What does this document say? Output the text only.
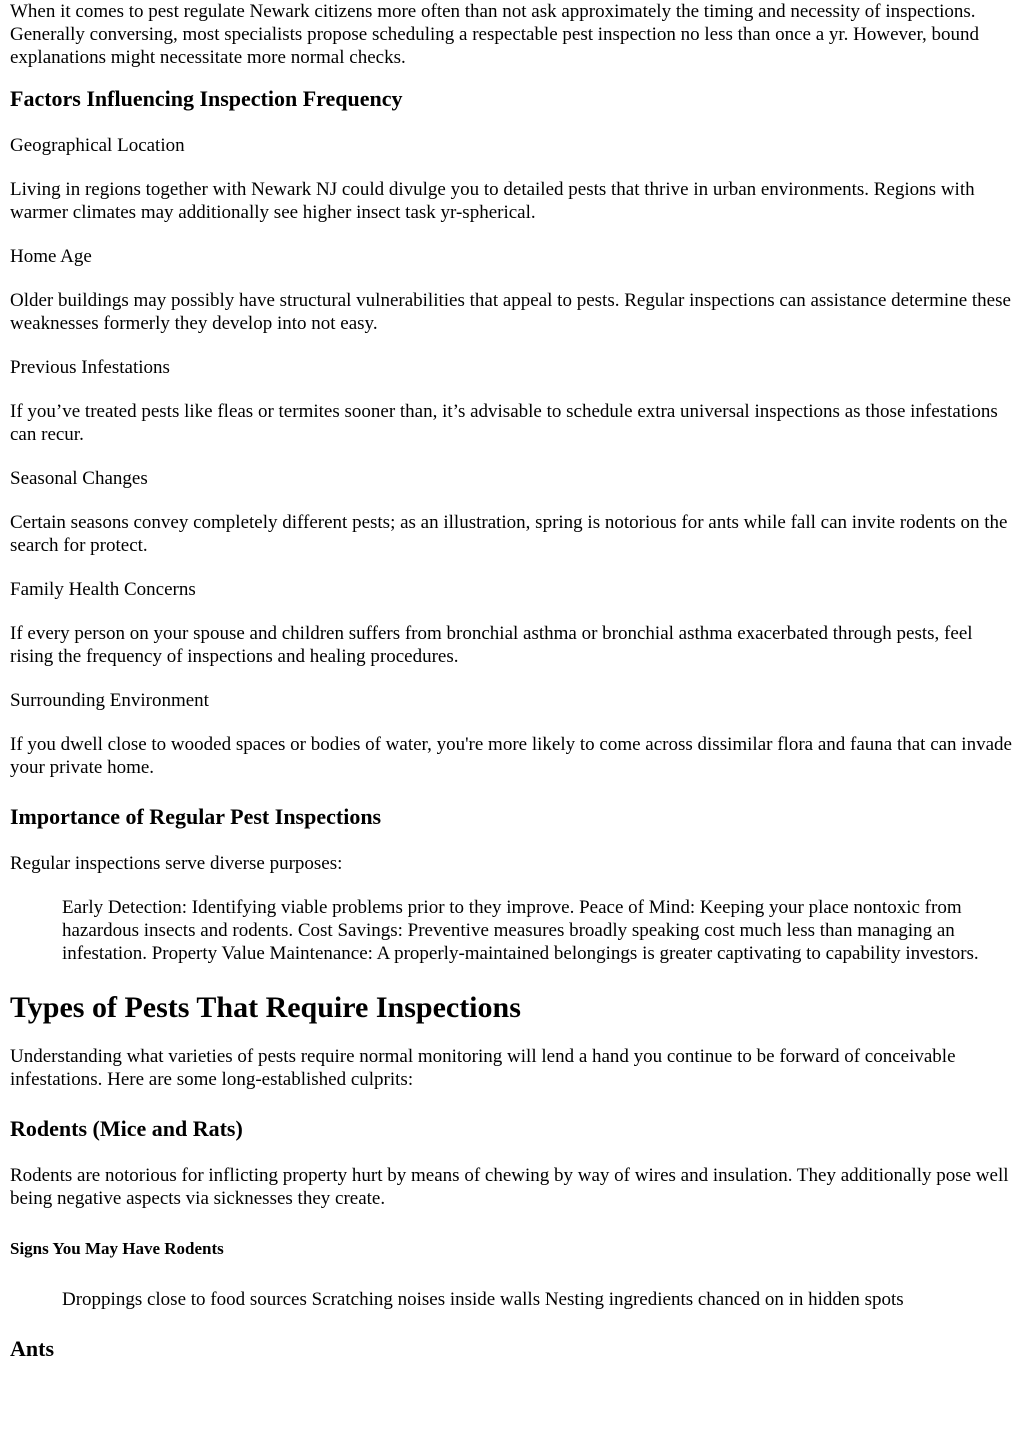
When it comes to pest regulate Newark citizens more often than not ask approximately the timing and necessity of inspections. Generally conversing, most specialists propose scheduling a respectable pest inspection no less than once a yr. However, bound explanations might necessitate more normal checks.

Factors Influencing Inspection Frequency

Geographical Location

Living in regions together with Newark NJ could divulge you to detailed pests that thrive in urban environments. Regions with warmer climates may additionally see higher insect task yr-spherical.

Home Age

Older buildings may possibly have structural vulnerabilities that appeal to pests. Regular inspections can assistance determine these weaknesses formerly they develop into not easy.

Previous Infestations

If you’ve treated pests like fleas or termites sooner than, it’s advisable to schedule extra universal inspections as those infestations can recur.

Seasonal Changes

Certain seasons convey completely different pests; as an illustration, spring is notorious for ants while fall can invite rodents on the search for protect.

Family Health Concerns

If every person on your spouse and children suffers from bronchial asthma or bronchial asthma exacerbated through pests, feel rising the frequency of inspections and healing procedures.

Surrounding Environment

If you dwell close to wooded spaces or bodies of water, you're more likely to come across dissimilar flora and fauna that can invade your private home.

Importance of Regular Pest Inspections

Regular inspections serve diverse purposes:

Early Detection: Identifying viable problems prior to they improve. Peace of Mind: Keeping your place nontoxic from hazardous insects and rodents. Cost Savings: Preventive measures broadly speaking cost much less than managing an infestation. Property Value Maintenance: A properly-maintained belongings is greater captivating to capability investors.

Types of Pests That Require Inspections

Understanding what varieties of pests require normal monitoring will lend a hand you continue to be forward of conceivable infestations. Here are some long-established culprits:

Rodents (Mice and Rats)

Rodents are notorious for inflicting property hurt by means of chewing by way of wires and insulation. They additionally pose well being negative aspects via sicknesses they create.

Signs You May Have Rodents

Droppings close to food sources Scratching noises inside walls Nesting ingredients chanced on in hidden spots

Ants
